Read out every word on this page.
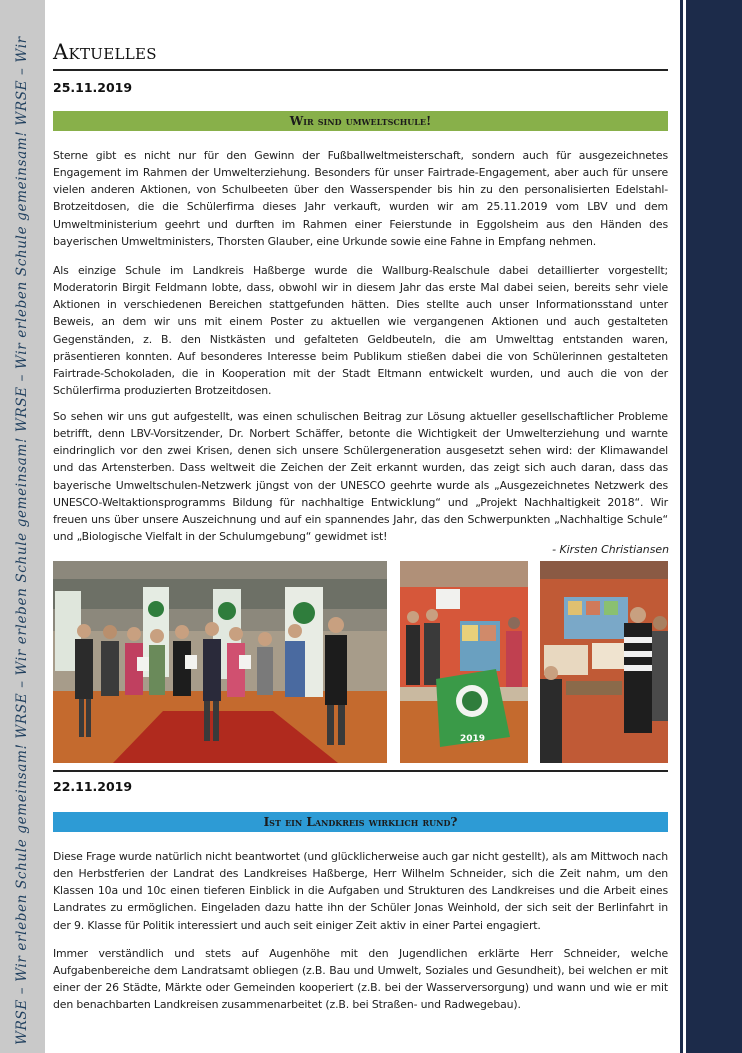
WRSE – Wir erleben Schule gemeinsam! WRSE – Wir erleben Schule gemeinsam! WRSE – Wir erleben Schule gemeinsam! WRSE – Wir Aktuelles
25.11.2019
Wir sind umweltschule!

Sterne gibt es nicht nur für den Gewinn der Fußballweltmeisterschaft, sondern auch für ausgezeichnetes Engagement im Rahmen der Umwelterziehung. Besonders für unser Fairtrade-Engagement, aber auch für unsere vielen anderen Aktionen, von Schulbeeten über den Wasserspender bis hin zu den personalisierten Edelstahl-Brotzeitdosen, die die Schülerfirma dieses Jahr verkauft, wurden wir am 25.11.2019 vom LBV und dem Umweltministerium geehrt und durften im Rahmen einer Feierstunde in Eggolsheim aus den Händen des bayerischen Umweltministers, Thorsten Glauber, eine Urkunde sowie eine Fahne in Empfang nehmen.

Als einzige Schule im Landkreis Haßberge wurde die Wallburg-Realschule dabei detaillierter vorgestellt; Moderatorin Birgit Feldmann lobte, dass, obwohl wir in diesem Jahr das erste Mal dabei seien, bereits sehr viele Aktionen in verschiedenen Bereichen stattgefunden hätten. Dies stellte auch unser Informationsstand unter Beweis, an dem wir uns mit einem Poster zu aktuellen wie vergangenen Aktionen und auch gestalteten Gegenständen, z. B. den Nistkästen und gefalteten Geldbeuteln, die am Umwelttag entstanden waren, präsentieren konnten. Auf besonderes Interesse beim Publikum stießen dabei die von Schülerinnen gestalteten Fairtrade-Schokoladen, die in Kooperation mit der Stadt Eltmann entwickelt wurden, und auch die von der Schülerfirma produzierten Brotzeitdosen.

So sehen wir uns gut aufgestellt, was einen schulischen Beitrag zur Lösung aktueller gesellschaftlicher Probleme betrifft, denn LBV-Vorsitzender, Dr. Norbert Schäffer, betonte die Wichtigkeit der Umwelterziehung und warnte eindringlich vor den zwei Krisen, denen sich unsere Schülergeneration ausgesetzt sehen wird: der Klimawandel und das Artensterben. Dass weltweit die Zeichen der Zeit erkannt wurden, das zeigt sich auch daran, dass das bayerische Umweltschulen-Netzwerk jüngst von der UNESCO geehrte wurde als „Ausgezeichnetes Netzwerk des UNESCO-Weltaktionsprogramms Bildung für nachhaltige Entwicklung“ und „Projekt Nachhaltigkeit 2018“. Wir freuen uns über unsere Auszeichnung und auf ein spannendes Jahr, das den Schwerpunkten „Nachhaltige Schule“ und „Biologische Vielfalt in der Schulumgebung“ gewidmet ist!

- Kirsten Christiansen
2019
22.11.2019
Ist ein Landkreis wirklich rund?

Diese Frage wurde natürlich nicht beantwortet (und glücklicherweise auch gar nicht gestellt), als am Mittwoch nach den Herbstferien der Landrat des Landkreises Haßberge, Herr Wilhelm Schneider, sich die Zeit nahm, um den Klassen 10a und 10c einen tieferen Einblick in die Aufgaben und Strukturen des Landkreises und die Arbeit eines Landrates zu ermöglichen. Eingeladen dazu hatte ihn der Schüler Jonas Weinhold, der sich seit der Berlinfahrt in der 9. Klasse für Politik interessiert und auch seit einiger Zeit aktiv in einer Partei engagiert.

Immer verständlich und stets auf Augenhöhe mit den Jugendlichen erklärte Herr Schneider, welche Aufgabenbereiche dem Landratsamt obliegen (z.B. Bau und Umwelt, Soziales und Gesundheit), bei welchen er mit einer der 26 Städte, Märkte oder Gemeinden kooperiert (z.B. bei der Wasserversorgung) und wann und wie er mit den benachbarten Landkreisen zusammenarbeitet (z.B. bei Straßen- und Radwegebau).
